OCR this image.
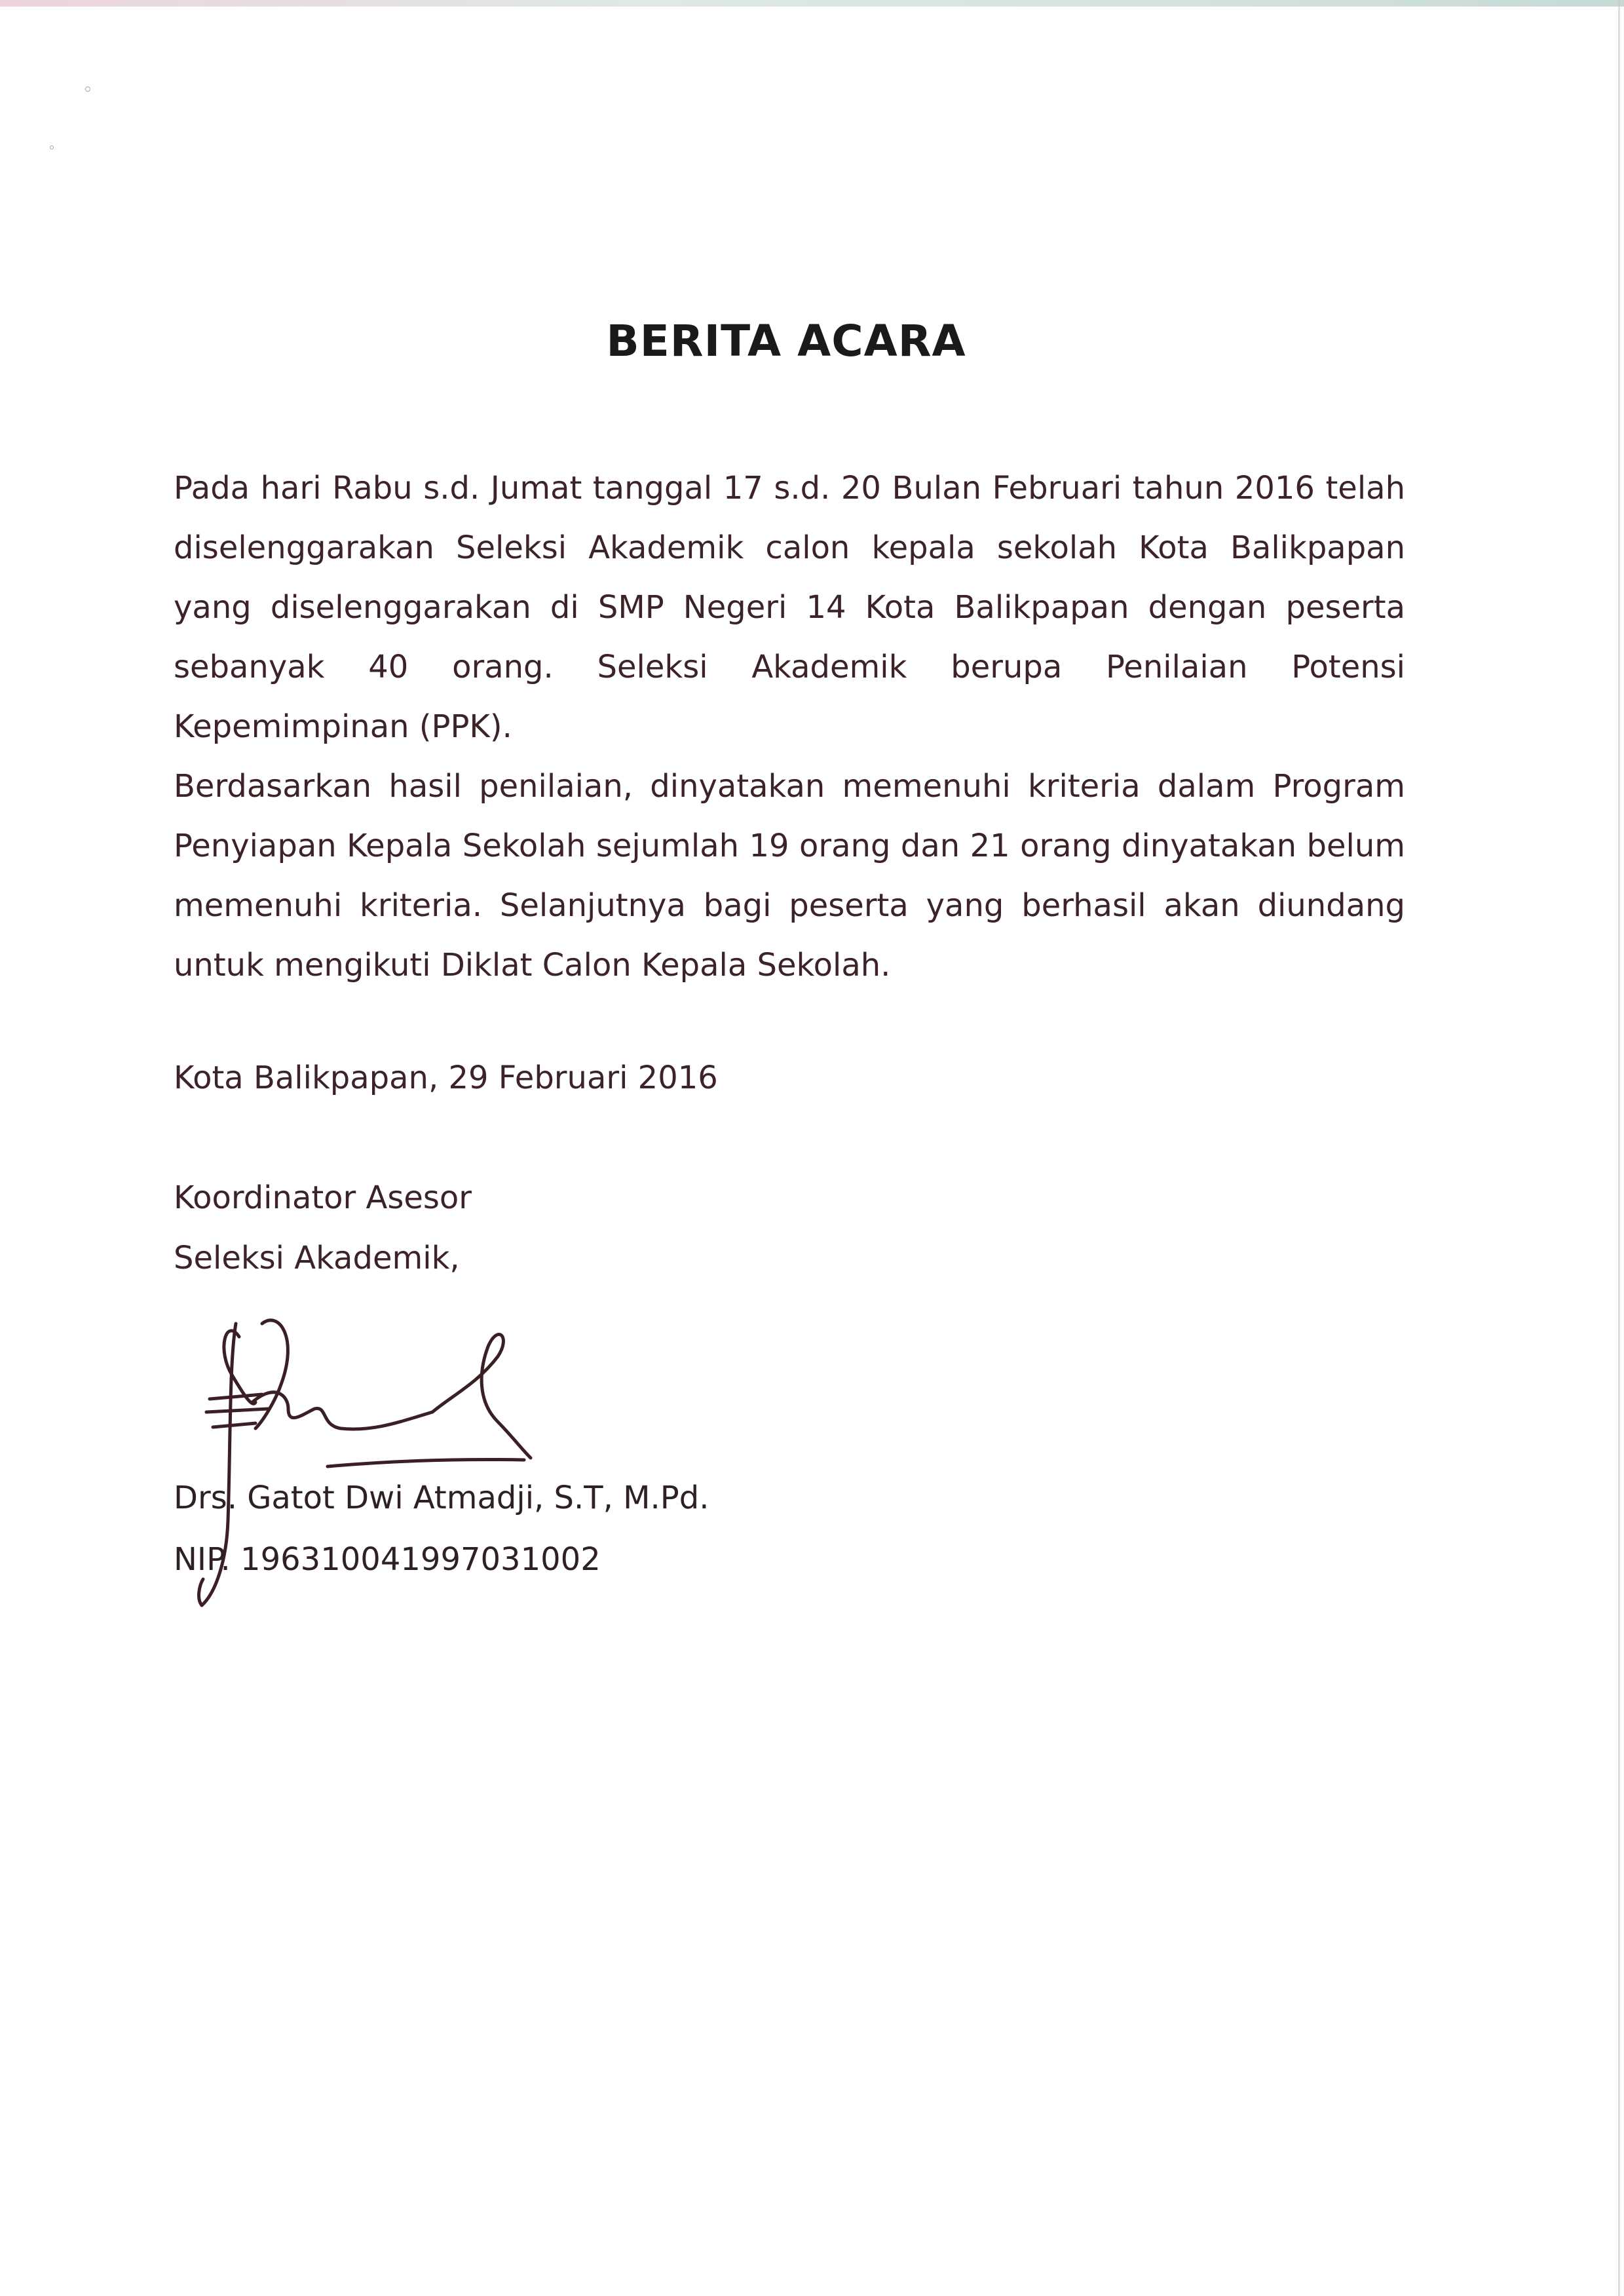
BERITA ACARA

Pada hari Rabu s.d. Jumat tanggal 17 s.d. 20 Bulan Februari tahun 2016 telah diselenggarakan Seleksi Akademik calon kepala sekolah Kota Balikpapan yang diselenggarakan di SMP Negeri 14 Kota Balikpapan dengan peserta sebanyak 40 orang. Seleksi Akademik berupa Penilaian Potensi Kepemimpinan (PPK).

Berdasarkan hasil penilaian, dinyatakan memenuhi kriteria dalam Program Penyiapan Kepala Sekolah sejumlah 19 orang dan 21 orang dinyatakan belum memenuhi kriteria. Selanjutnya bagi peserta yang berhasil akan diundang untuk mengikuti Diklat Calon Kepala Sekolah.

Kota Balikpapan, 29 Februari 2016
Koordinator Asesor
Seleksi Akademik,
Drs. Gatot Dwi Atmadji, S.T, M.Pd.
NIP. 196310041997031002
